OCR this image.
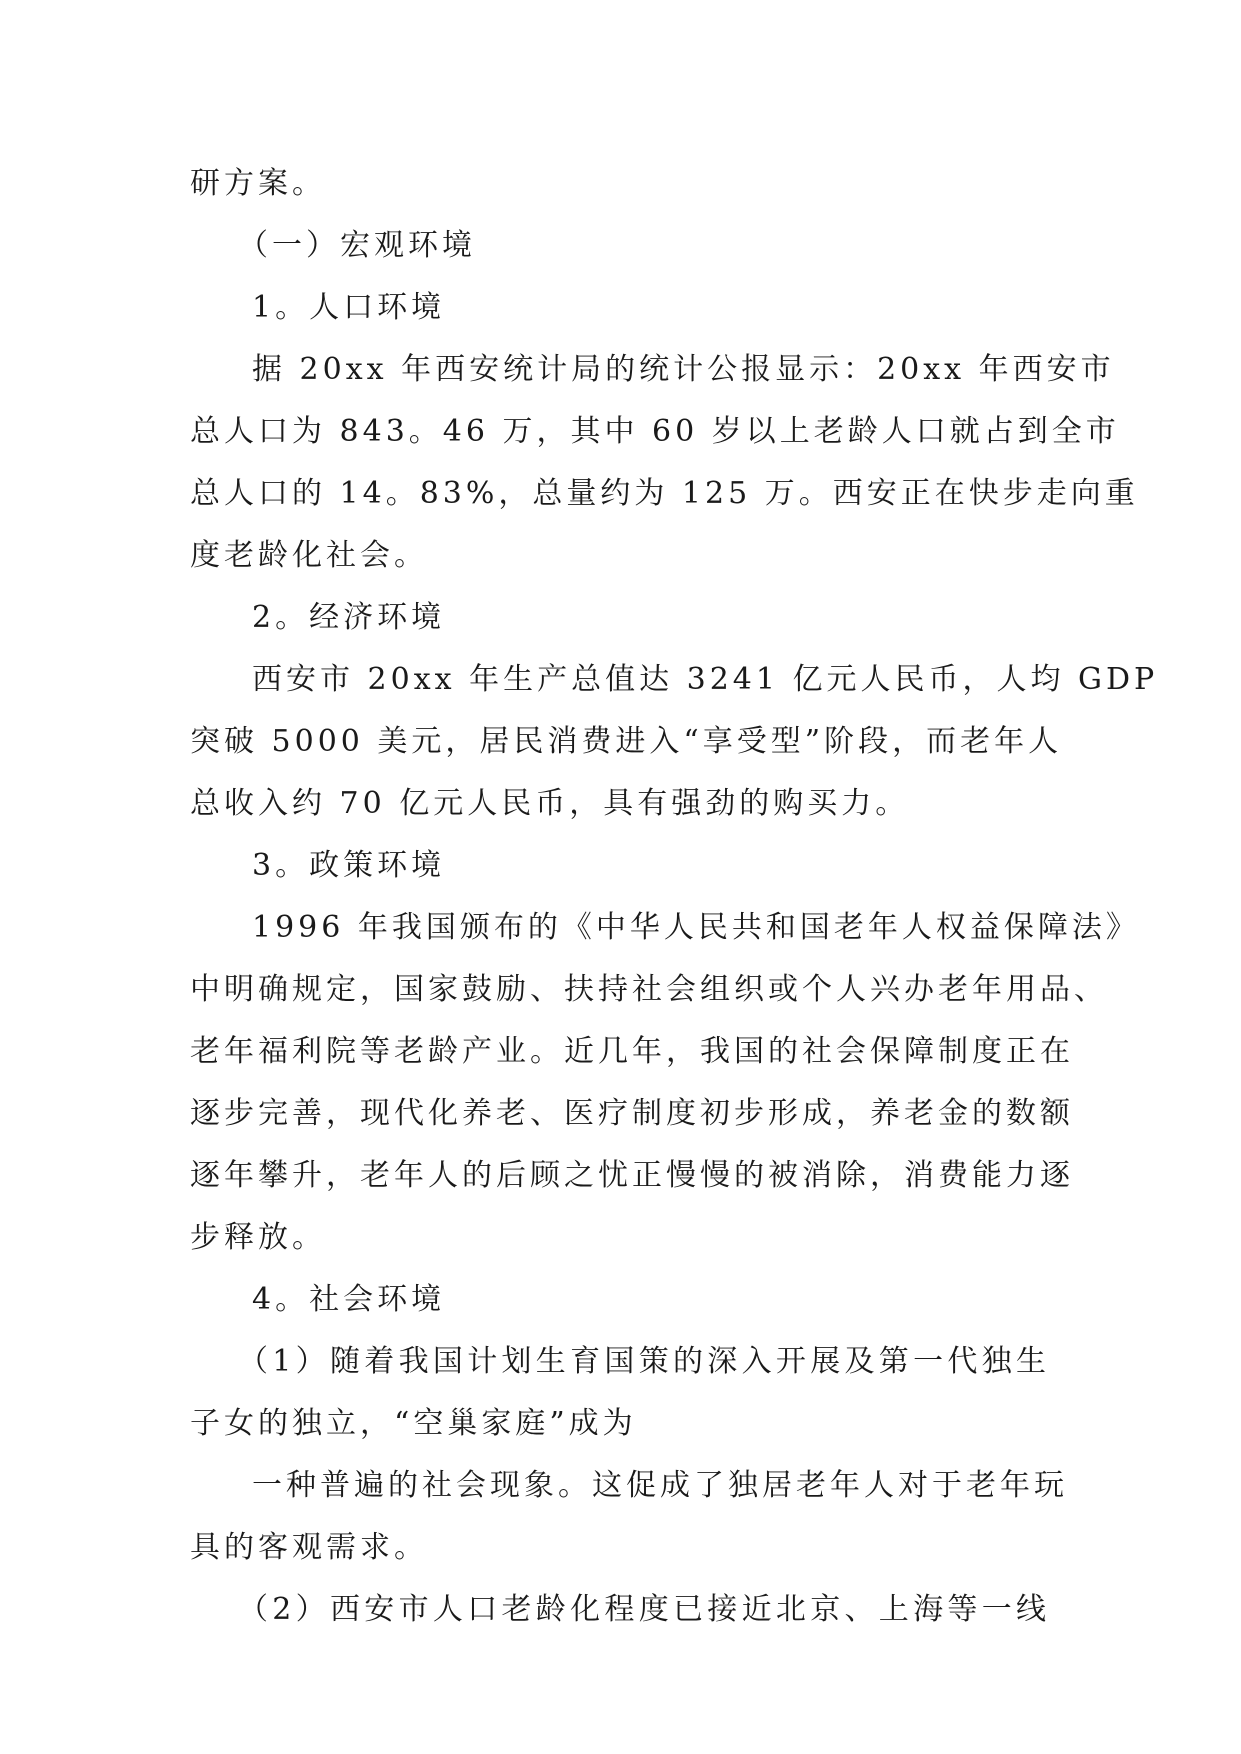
研方案。
（一）宏观环境
1。人口环境
据 20xx 年西安统计局的统计公报显示：20xx 年西安市
总人口为 843。46 万，其中 60 岁以上老龄人口就占到全市
总人口的 14。83%，总量约为 125 万。西安正在快步走向重
度老龄化社会。
2。经济环境
西安市 20xx 年生产总值达 3241 亿元人民币，人均 GDP
突破 5000 美元，居民消费进入“享受型”阶段，而老年人
总收入约 70 亿元人民币，具有强劲的购买力。
3。政策环境
1996 年我国颁布的《中华人民共和国老年人权益保障法》
中明确规定，国家鼓励、扶持社会组织或个人兴办老年用品、
老年福利院等老龄产业。近几年，我国的社会保障制度正在
逐步完善，现代化养老、医疗制度初步形成，养老金的数额
逐年攀升，老年人的后顾之忧正慢慢的被消除，消费能力逐
步释放。
4。社会环境
（1）随着我国计划生育国策的深入开展及第一代独生
子女的独立，“空巢家庭”成为
一种普遍的社会现象。这促成了独居老年人对于老年玩
具的客观需求。
（2）西安市人口老龄化程度已接近北京、上海等一线
